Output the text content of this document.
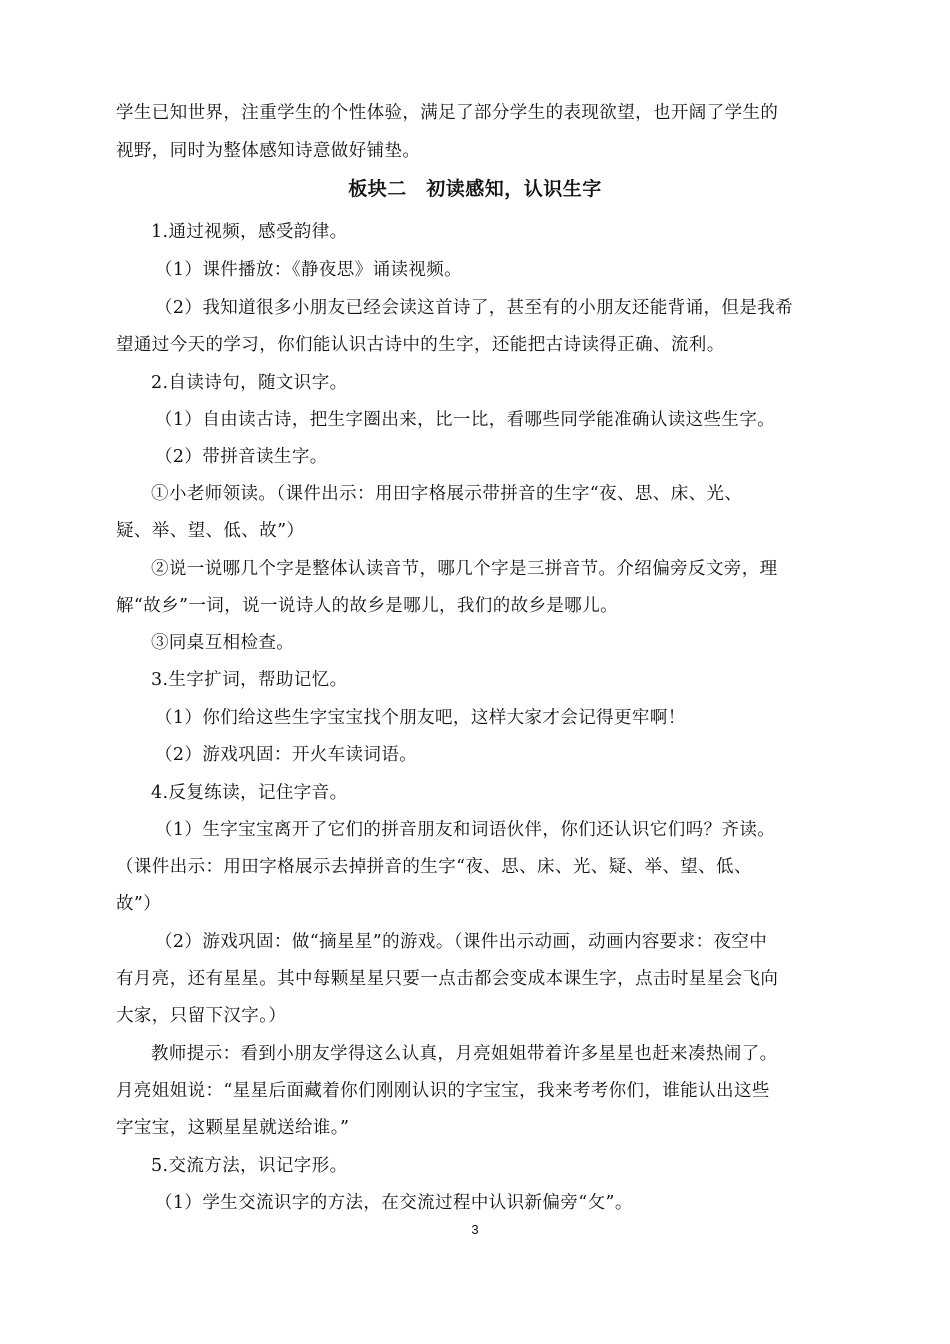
学生已知世界，注重学生的个性体验，满足了部分学生的表现欲望，也开阔了学生的
视野，同时为整体感知诗意做好铺垫。
板块二　初读感知，认识生字
1.通过视频，感受韵律。
（1）课件播放：《静夜思》诵读视频。
（2）我知道很多小朋友已经会读这首诗了，甚至有的小朋友还能背诵，但是我希
望通过今天的学习，你们能认识古诗中的生字，还能把古诗读得正确、流利。
2.自读诗句，随文识字。
（1）自由读古诗，把生字圈出来，比一比，看哪些同学能准确认读这些生字。
（2）带拼音读生字。
①小老师领读。（课件出示：用田字格展示带拼音的生字“夜、思、床、光、
疑、举、望、低、故”）
②说一说哪几个字是整体认读音节，哪几个字是三拼音节。介绍偏旁反文旁，理
解“故乡”一词，说一说诗人的故乡是哪儿，我们的故乡是哪儿。
③同桌互相检查。
3.生字扩词，帮助记忆。
（1）你们给这些生字宝宝找个朋友吧，这样大家才会记得更牢啊！
（2）游戏巩固：开火车读词语。
4.反复练读，记住字音。
（1）生字宝宝离开了它们的拼音朋友和词语伙伴，你们还认识它们吗？齐读。
（课件出示：用田字格展示去掉拼音的生字“夜、思、床、光、疑、举、望、低、
故”）
（2）游戏巩固：做“摘星星”的游戏。（课件出示动画，动画内容要求：夜空中
有月亮，还有星星。其中每颗星星只要一点击都会变成本课生字，点击时星星会飞向
大家，只留下汉字。）
教师提示：看到小朋友学得这么认真，月亮姐姐带着许多星星也赶来凑热闹了。
月亮姐姐说：“星星后面藏着你们刚刚认识的字宝宝，我来考考你们，谁能认出这些
字宝宝，这颗星星就送给谁。”
5.交流方法，识记字形。
（1）学生交流识字的方法，在交流过程中认识新偏旁“攵”。
3
